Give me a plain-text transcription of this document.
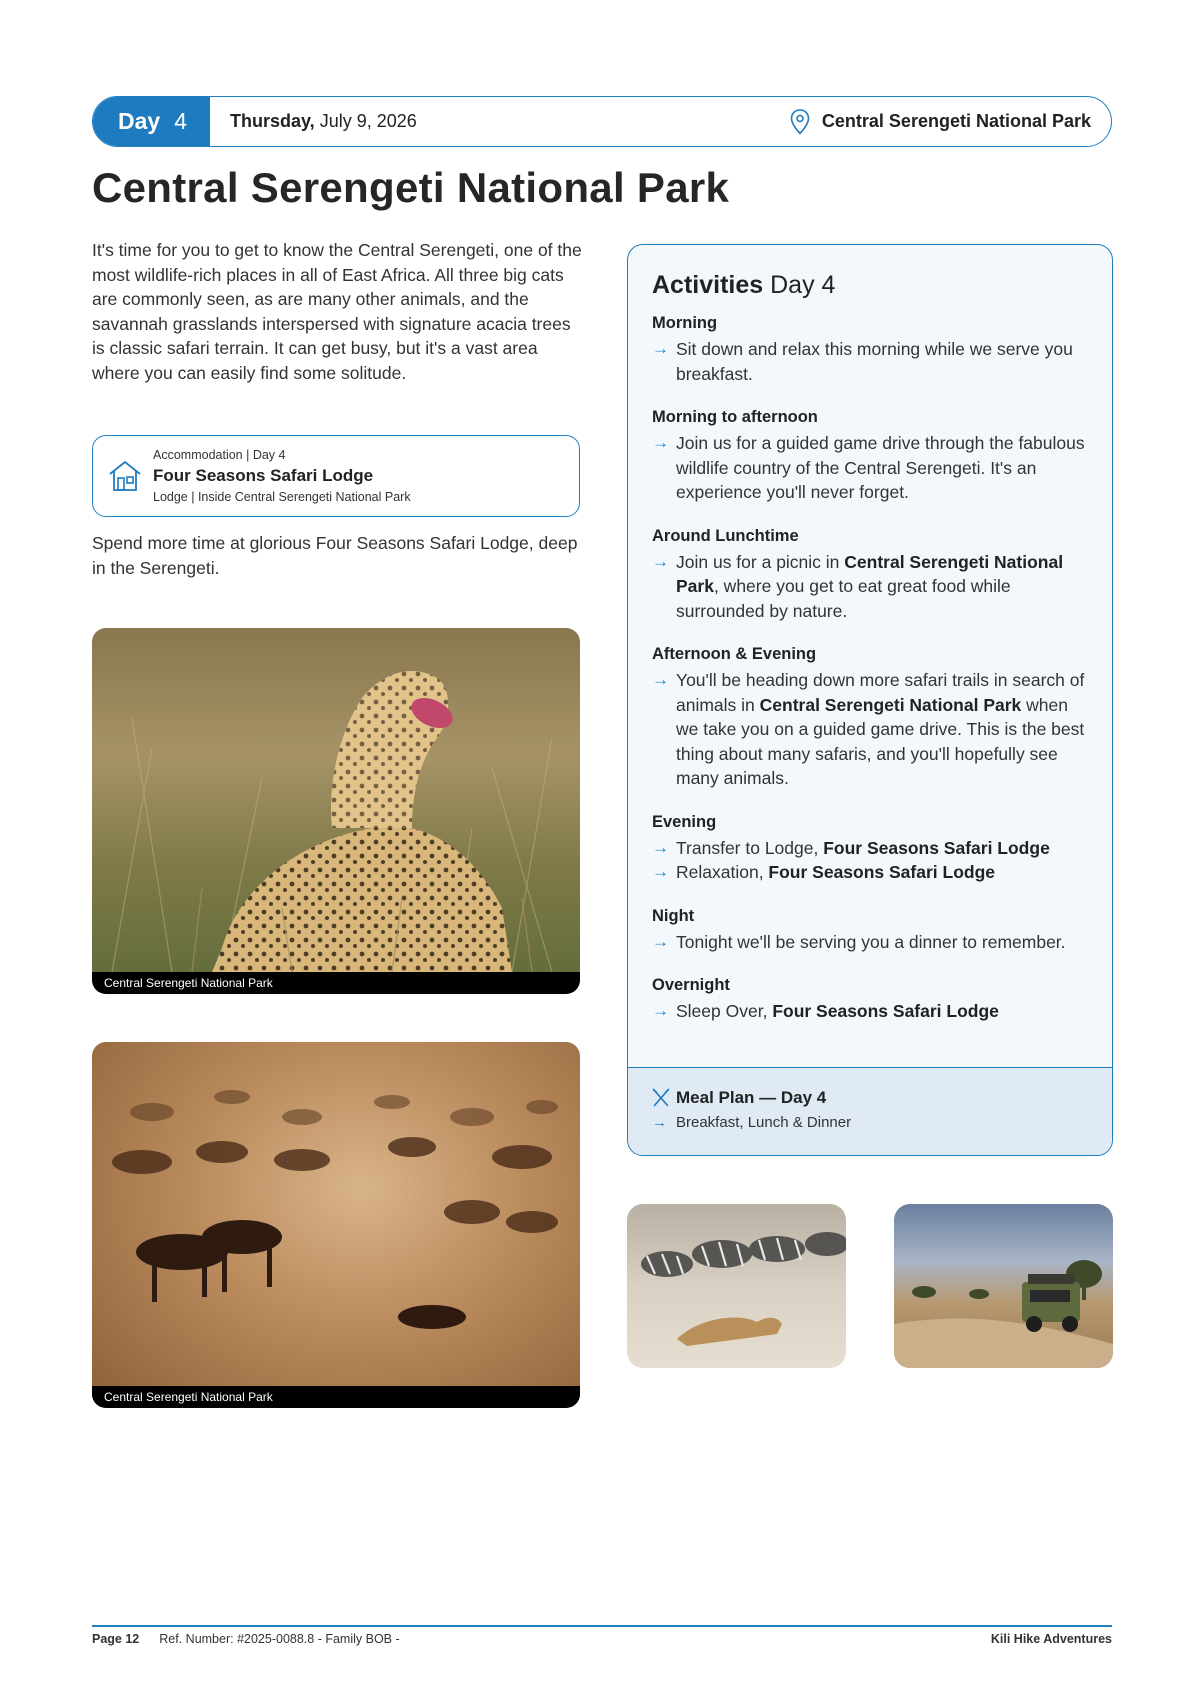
Day 4 Thursday, July 9, 2026	Central Serengeti National Park
Central Serengeti National Park

It's time for you to get to know the Central Serengeti, one of the most wildlife-rich places in all of East Africa. All three big cats are commonly seen, as are many other animals, and the savannah grasslands interspersed with signature acacia trees is classic safari terrain. It can get busy, but it's a vast area where you can easily find some solitude.

Accommodation | Day 4
Four Seasons Safari Lodge
Lodge | Inside Central Serengeti National Park

Spend more time at glorious Four Seasons Safari Lodge, deep in the Serengeti.

Central Serengeti National Park
Central Serengeti National Park
Activities Day 4
Morning
→ Sit down and relax this morning while we serve you breakfast.
Morning to afternoon
→ Join us for a guided game drive through the fabulous wildlife country of the Central Serengeti. It's an experience you'll never forget.
Around Lunchtime
→ Join us for a picnic in Central Serengeti National Park, where you get to eat great food while surrounded by nature.
Afternoon & Evening
→ You'll be heading down more safari trails in search of animals in Central Serengeti National Park when we take you on a guided game drive. This is the best thing about many safaris, and you'll hopefully see many animals.
Evening
→ Transfer to Lodge, Four Seasons Safari Lodge
→ Relaxation, Four Seasons Safari Lodge
Night
→ Tonight we'll be serving you a dinner to remember.
Overnight
→ Sleep Over, Four Seasons Safari Lodge
Meal Plan — Day 4
→ Breakfast, Lunch & Dinner
Page 12 Ref. Number: #2025-0088.8 - Family BOB -	Kili Hike Adventures
